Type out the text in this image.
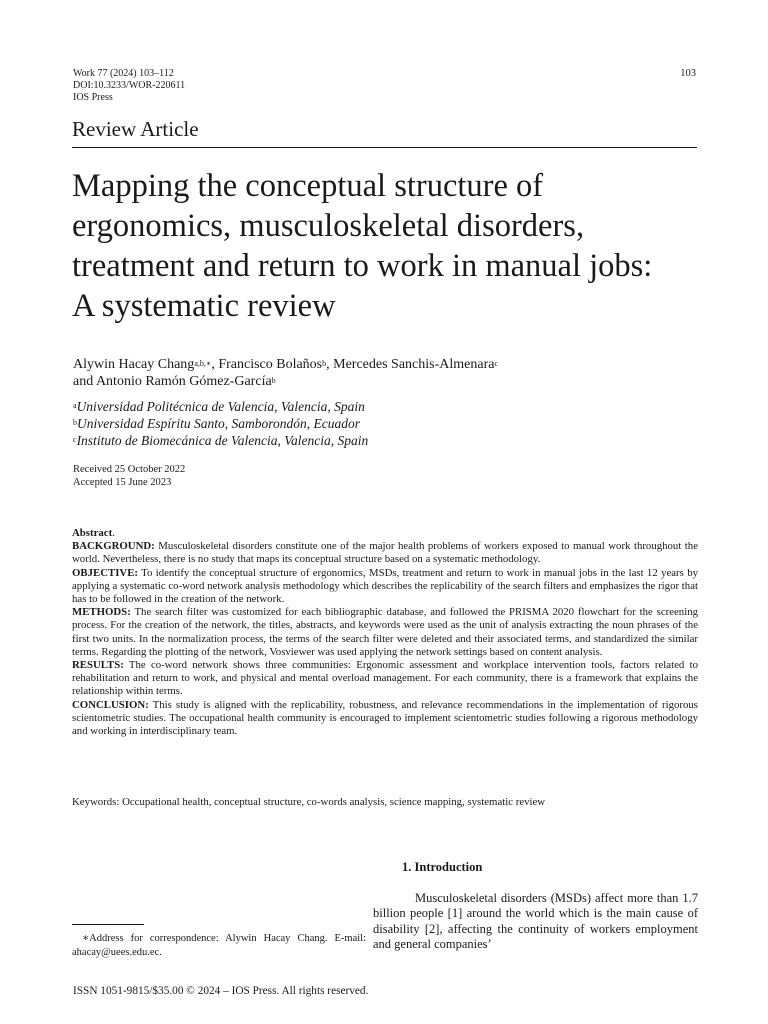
Work 77 (2024) 103–112
DOI:10.3233/WOR-220611
IOS Press
103
Review Article
Mapping the conceptual structure of
ergonomics, musculoskeletal disorders,
treatment and return to work in manual jobs:
A systematic review
Alywin Hacay Chang$^{a,b,∗}$, Francisco Bolaños$^b$, Mercedes Sanchis-Almenara$^c$
and Antonio Ramón Gómez-García$^b$
$^a$Universidad Politécnica de Valencia, Valencia, Spain
$^b$Universidad Espíritu Santo, Samborondón, Ecuador
$^c$Instituto de Biomecánica de Valencia, Valencia, Spain
Received 25 October 2022
Accepted 15 June 2023

Abstract.

BACKGROUND: Musculoskeletal disorders constitute one of the major health problems of workers exposed to manual work throughout the world. Nevertheless, there is no study that maps its conceptual structure based on a systematic methodology.

OBJECTIVE: To identify the conceptual structure of ergonomics, MSDs, treatment and return to work in manual jobs in the last 12 years by applying a systematic co-word network analysis methodology which describes the replicability of the search filters and emphasizes the rigor that has to be followed in the creation of the network.

METHODS: The search filter was customized for each bibliographic database, and followed the PRISMA 2020 flowchart for the screening process. For the creation of the network, the titles, abstracts, and keywords were used as the unit of analysis extracting the noun phrases of the first two units. In the normalization process, the terms of the search filter were deleted and their associated terms, and standardized the similar terms. Regarding the plotting of the network, Vosviewer was used applying the network settings based on content analysis.

RESULTS: The co-word network shows three communities: Ergonomic assessment and workplace intervention tools, factors related to rehabilitation and return to work, and physical and mental overload management. For each community, there is a framework that explains the relationship within terms.

CONCLUSION: This study is aligned with the replicability, robustness, and relevance recommendations in the implementation of rigorous scientometric studies. The occupational health community is encouraged to implement scientometric studies following a rigorous methodology and working in interdisciplinary team.

Keywords: Occupational health, conceptual structure, co-words analysis, science mapping, systematic review
1. Introduction

Musculoskeletal disorders (MSDs) affect more than 1.7 billion people [1] around the world which is the main cause of disability [2], affecting the continuity of workers employment and general companies’

∗Address for correspondence: Alywin Hacay Chang. E-mail: ahacay@uees.edu.ec.

ISSN 1051-9815/$35.00 © 2024 – IOS Press. All rights reserved.
